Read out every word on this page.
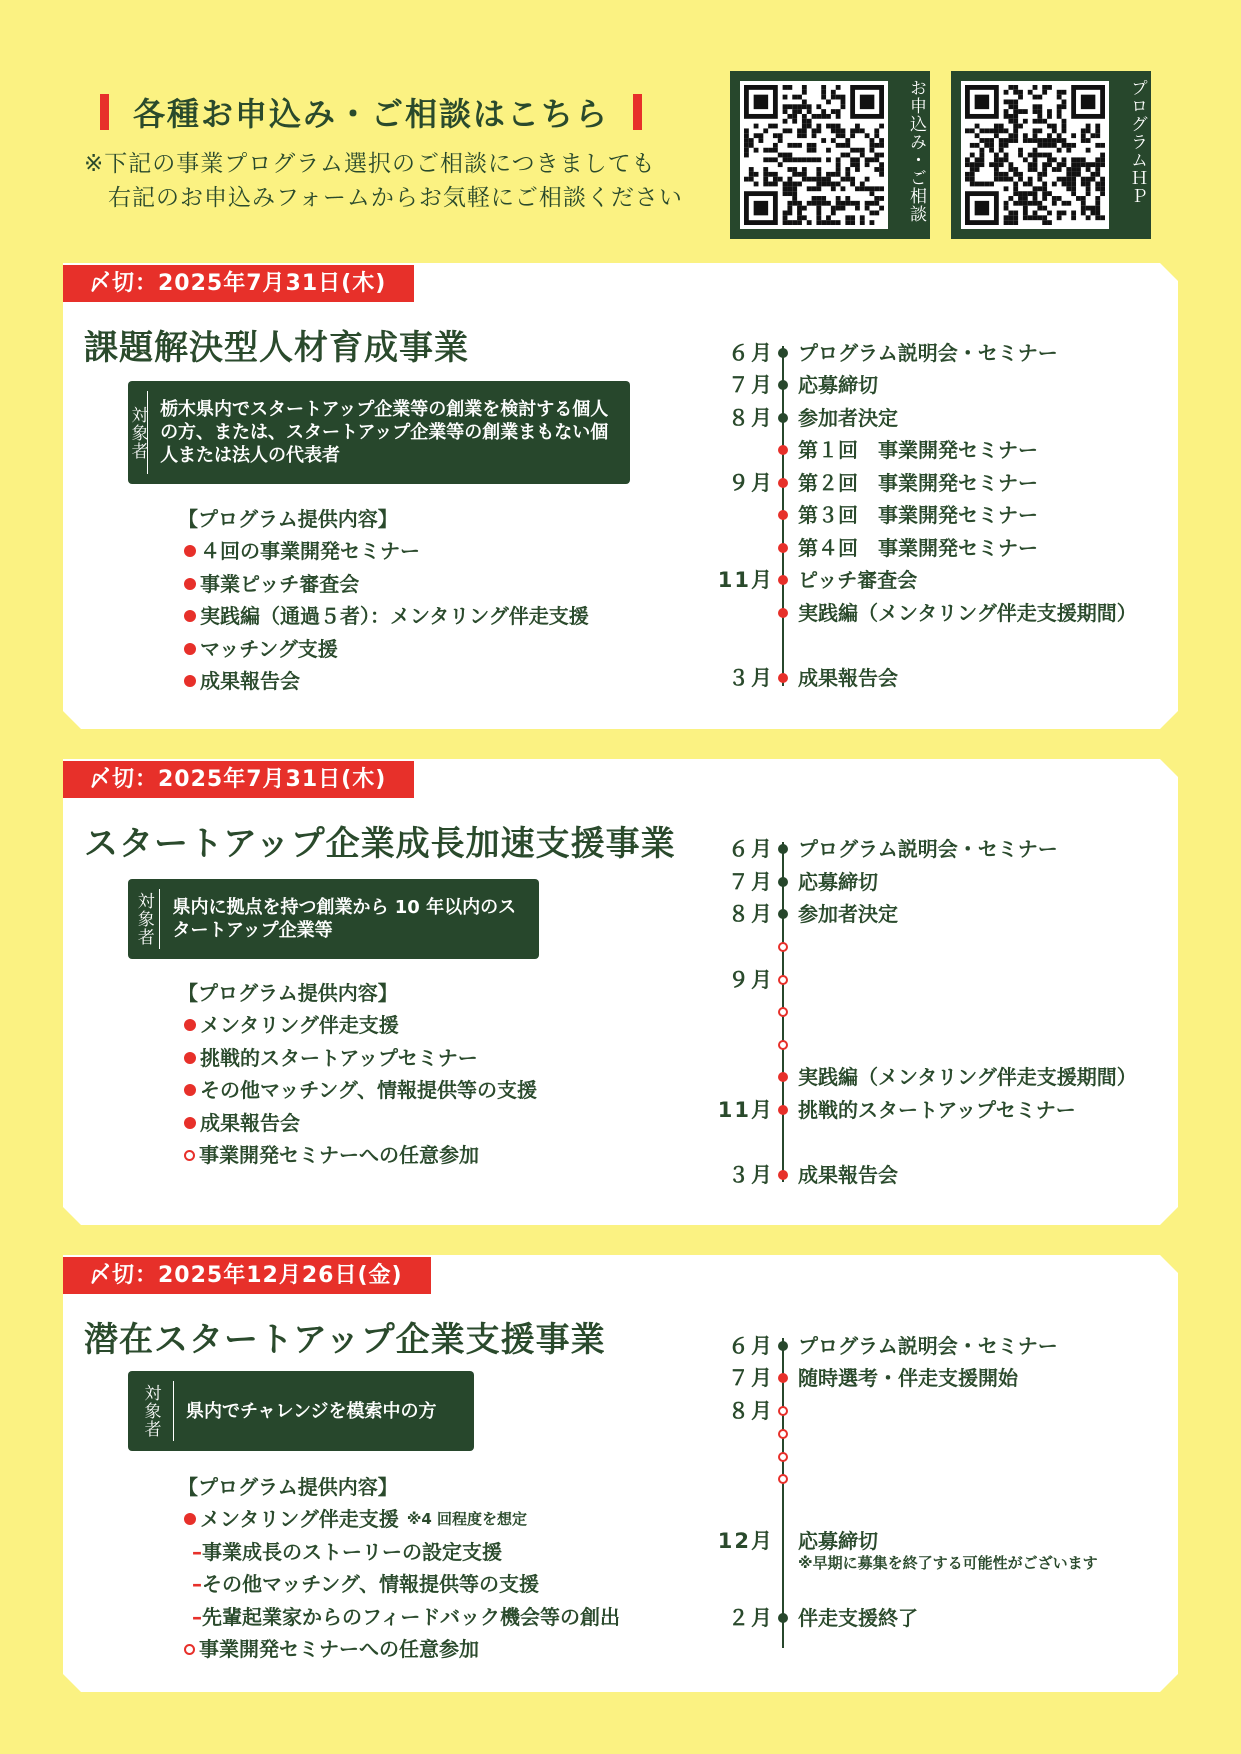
各種お申込み・ご相談はこちら
※下記の事業プログラム選択のご相談につきましても
　右記のお申込みフォームからお気軽にご相談ください	お申込み・ご相談	プログラムＨＰ
〆切：2025年7月31日(木)
課題解決型人材育成事業
対象者 栃木県内でスタートアップ企業等の創業を検討する個人の方、または、スタートアップ企業等の創業まもない個人または法人の代表者
【プログラム提供内容】
４回の事業開発セミナー
事業ピッチ審査会
実践編（通過５者）：メンタリング伴走支援
マッチング支援
成果報告会
６月 プログラム説明会・セミナー
７月 応募締切
８月 参加者決定
第１回　事業開発セミナー
９月 第２回　事業開発セミナー
第３回　事業開発セミナー
第４回　事業開発セミナー
11月 ピッチ審査会
実践編（メンタリング伴走支援期間）
３月 成果報告会
〆切：2025年7月31日(木)
スタートアップ企業成長加速支援事業
対象者	県内に拠点を持つ創業から 10 年以内のスタートアップ企業等
【プログラム提供内容】
メンタリング伴走支援
挑戦的スタートアップセミナー
その他マッチング、情報提供等の支援
成果報告会
事業開発セミナーへの任意参加
６月 プログラム説明会・セミナー
７月 応募締切
８月 参加者決定
９月
実践編（メンタリング伴走支援期間）
11月 挑戦的スタートアップセミナー
３月 成果報告会
〆切：2025年12月26日(金)
潜在スタートアップ企業支援事業
対象者	県内でチャレンジを模索中の方
【プログラム提供内容】
メンタリング伴走支援 ※4 回程度を想定
– 事業成長のストーリーの設定支援
– その他マッチング、情報提供等の支援
– 先輩起業家からのフィードバック機会等の創出
事業開発セミナーへの任意参加
６月 プログラム説明会・セミナー
７月 随時選考・伴走支援開始
８月
12月 応募締切
※早期に募集を終了する可能性がございます
２月 伴走支援終了
